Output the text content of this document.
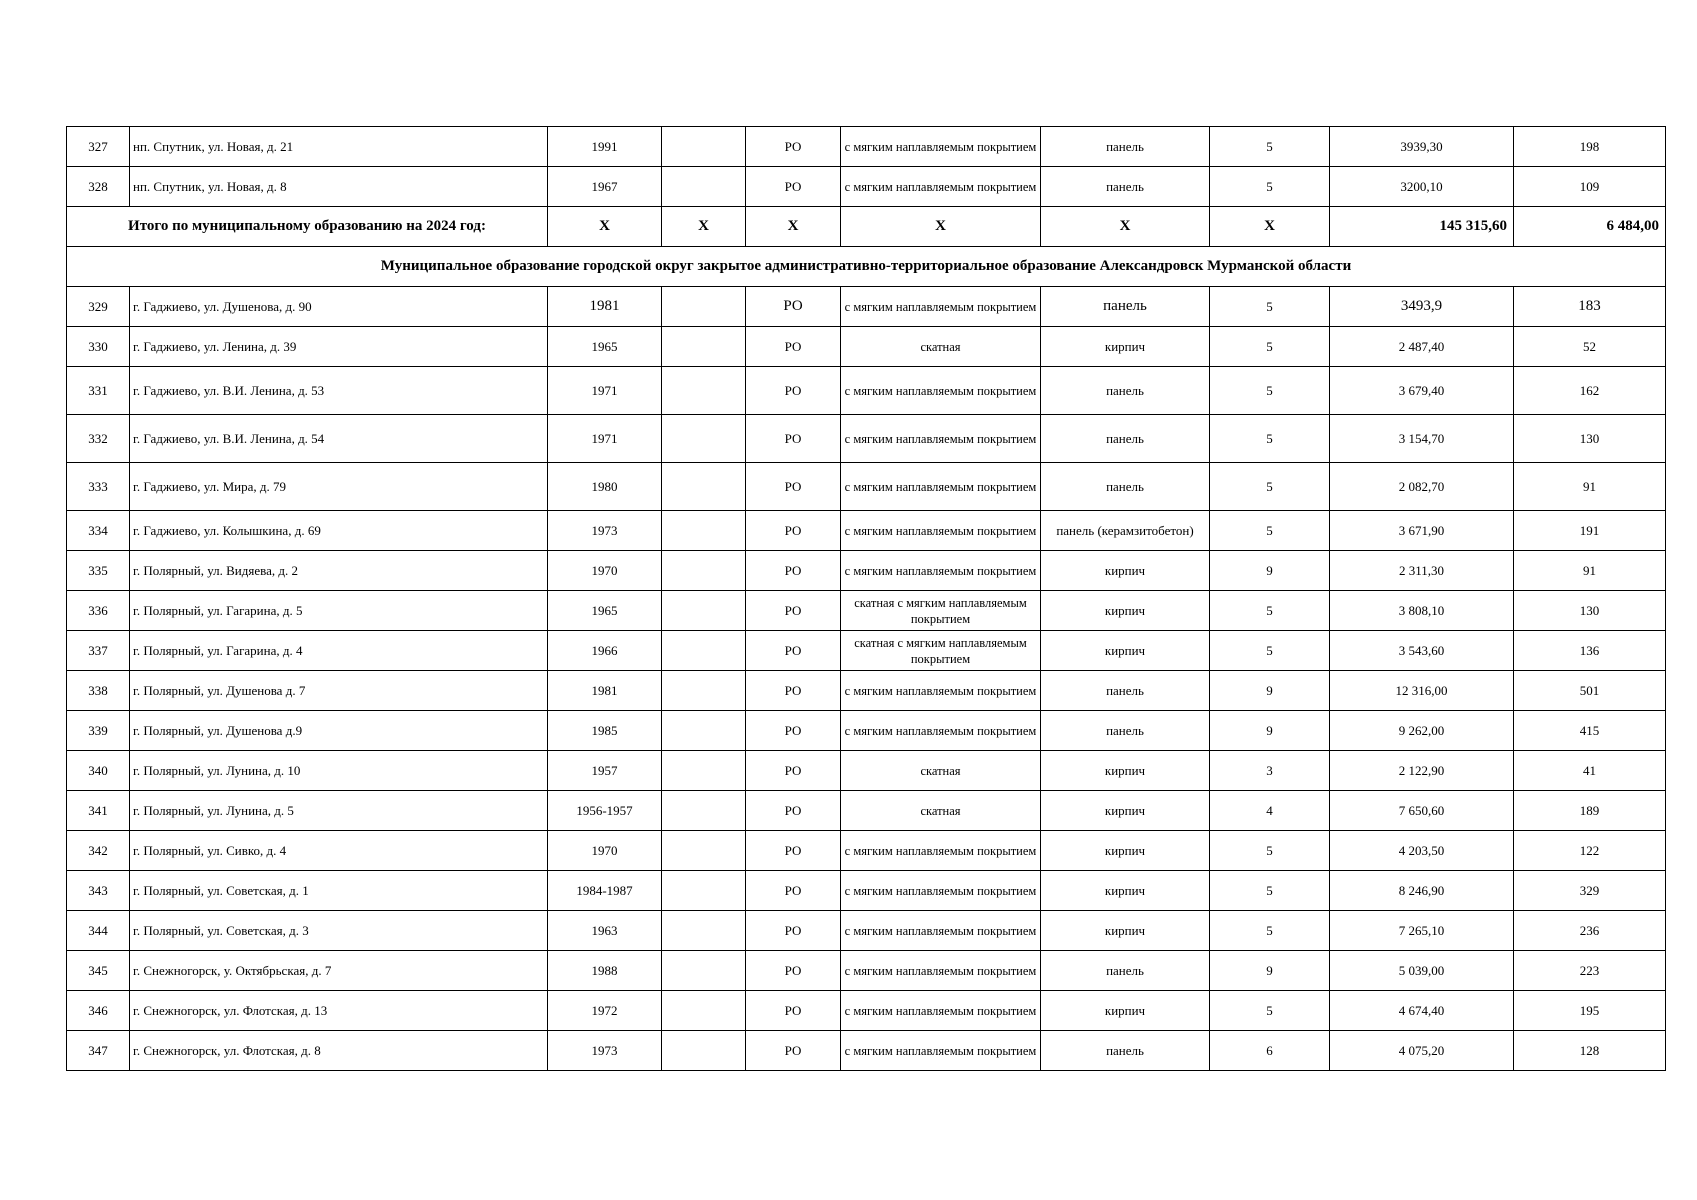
327	нп. Спутник, ул. Новая, д. 21	1991		РО	с мягким наплавляемым покрытием	панель	5	3939,30	198
328	нп. Спутник, ул. Новая, д. 8	1967		РО	с мягким наплавляемым покрытием	панель	5	3200,10	109
Итого по муниципальному образованию на 2024 год:		X	X	X	X	X	X	145 315,60	6 484,00
Муниципальное образование городской округ закрытое административно-территориальное образование Александровск Мурманской области									
329	г. Гаджиево, ул. Душенова, д. 90	1981		РО	с мягким наплавляемым покрытием	панель	5	3493,9	183
330	г. Гаджиево, ул. Ленина, д. 39	1965		РО	скатная	кирпич	5	2 487,40	52
331	г. Гаджиево, ул. В.И. Ленина, д. 53	1971		РО	с мягким наплавляемым покрытием	панель	5	3 679,40	162
332	г. Гаджиево, ул. В.И. Ленина, д. 54	1971		РО	с мягким наплавляемым покрытием	панель	5	3 154,70	130
333	г. Гаджиево, ул. Мира, д. 79	1980		РО	с мягким наплавляемым покрытием	панель	5	2 082,70	91
334	г. Гаджиево, ул. Колышкина, д. 69	1973		РО	с мягким наплавляемым покрытием	панель (керамзитобетон)	5	3 671,90	191
335	г. Полярный, ул. Видяева, д. 2	1970		РО	с мягким наплавляемым покрытием	кирпич	9	2 311,30	91
336	г. Полярный, ул. Гагарина, д. 5	1965		РО	скатная с мягким наплавляемым покрытием	кирпич	5	3 808,10	130
337	г. Полярный, ул. Гагарина, д. 4	1966		РО	скатная с мягким наплавляемым покрытием	кирпич	5	3 543,60	136
338	г. Полярный, ул. Душенова д. 7	1981		РО	с мягким наплавляемым покрытием	панель	9	12 316,00	501
339	г. Полярный, ул. Душенова д.9	1985		РО	с мягким наплавляемым покрытием	панель	9	9 262,00	415
340	г. Полярный, ул. Лунина, д. 10	1957		РО	скатная	кирпич	3	2 122,90	41
341	г. Полярный, ул. Лунина, д. 5	1956-1957		РО	скатная	кирпич	4	7 650,60	189
342	г. Полярный, ул. Сивко, д. 4	1970		РО	с мягким наплавляемым покрытием	кирпич	5	4 203,50	122
343	г. Полярный, ул. Советская, д. 1	1984-1987		РО	с мягким наплавляемым покрытием	кирпич	5	8 246,90	329
344	г. Полярный, ул. Советская, д. 3	1963		РО	с мягким наплавляемым покрытием	кирпич	5	7 265,10	236
345	г. Снежногорск, у. Октябрьская, д. 7	1988		РО	с мягким наплавляемым покрытием	панель	9	5 039,00	223
346	г. Снежногорск, ул. Флотская, д. 13	1972		РО	с мягким наплавляемым покрытием	кирпич	5	4 674,40	195
347	г. Снежногорск, ул. Флотская, д. 8	1973		РО	с мягким наплавляемым покрытием	панель	6	4 075,20	128
